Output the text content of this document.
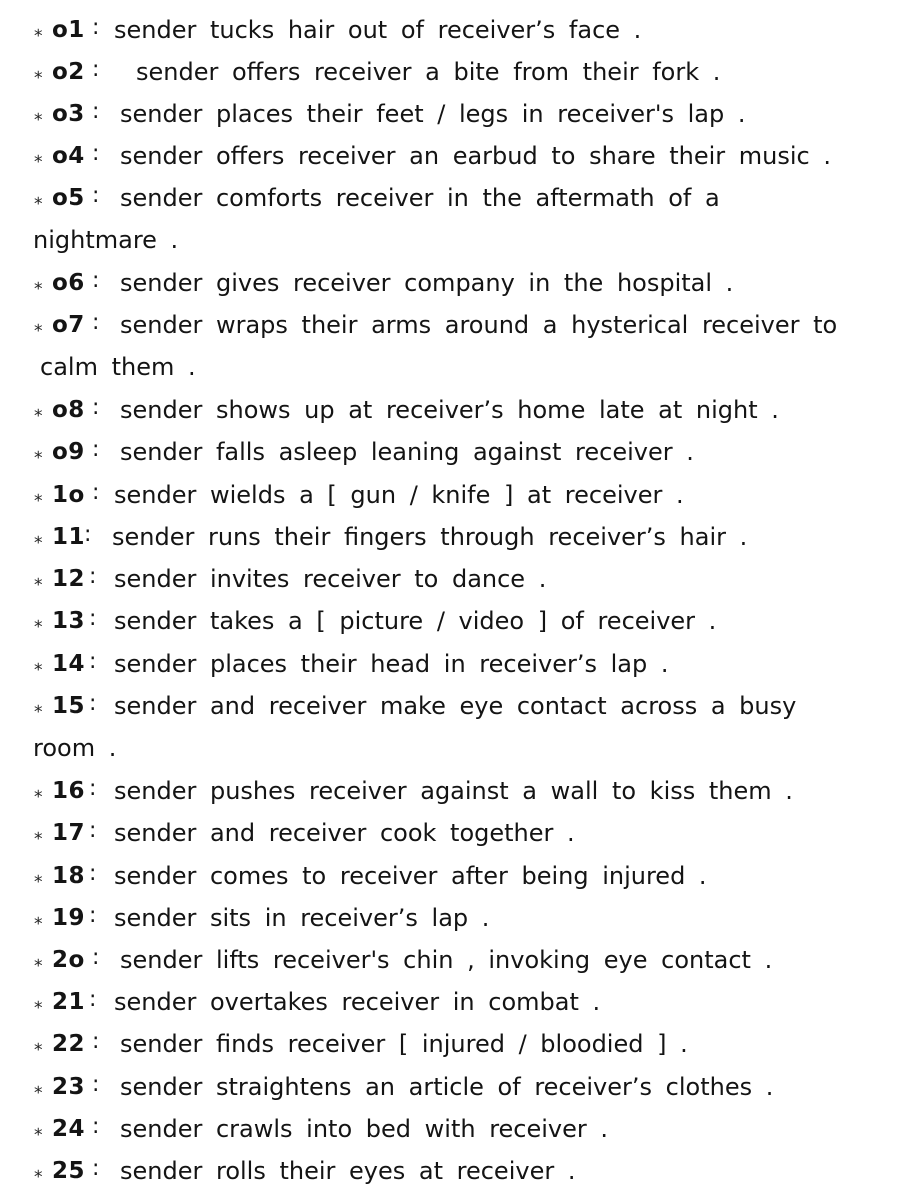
⁎ o1 : sender tucks hair out of receiver’s face .
⁎ o2 : sender offers receiver a bite from their fork .
⁎ o3 : sender places their feet / legs in receiver's lap .
⁎ o4 : sender offers receiver an earbud to share their music .
⁎ o5 : sender comforts receiver in the aftermath of a
nightmare .
⁎ o6 : sender gives receiver company in the hospital .
⁎ o7 : sender wraps their arms around a hysterical receiver to
calm them .
⁎ o8 : sender shows up at receiver’s home late at night .
⁎ o9 : sender falls asleep leaning against receiver .
⁎ 1o : sender wields a [ gun / knife ] at receiver .
⁎ 11
: sender runs their fingers through receiver’s hair .
⁎ 12 : sender invites receiver to dance .
⁎ 13 : sender takes a [ picture / video ] of receiver .
⁎ 14 : sender places their head in receiver’s lap .
⁎ 15 : sender and receiver make eye contact across a busy
room .
⁎ 16 : sender pushes receiver against a wall to kiss them .
⁎ 17 : sender and receiver cook together .
⁎ 18 : sender comes to receiver after being injured .
⁎ 19 : sender sits in receiver’s lap .
⁎ 2o : sender lifts receiver's chin , invoking eye contact .
⁎ 21 : sender overtakes receiver in combat .
⁎ 22 : sender finds receiver [ injured / bloodied ] .
⁎ 23 : sender straightens an article of receiver’s clothes .
⁎ 24 : sender crawls into bed with receiver .
⁎ 25 : sender rolls their eyes at receiver .
